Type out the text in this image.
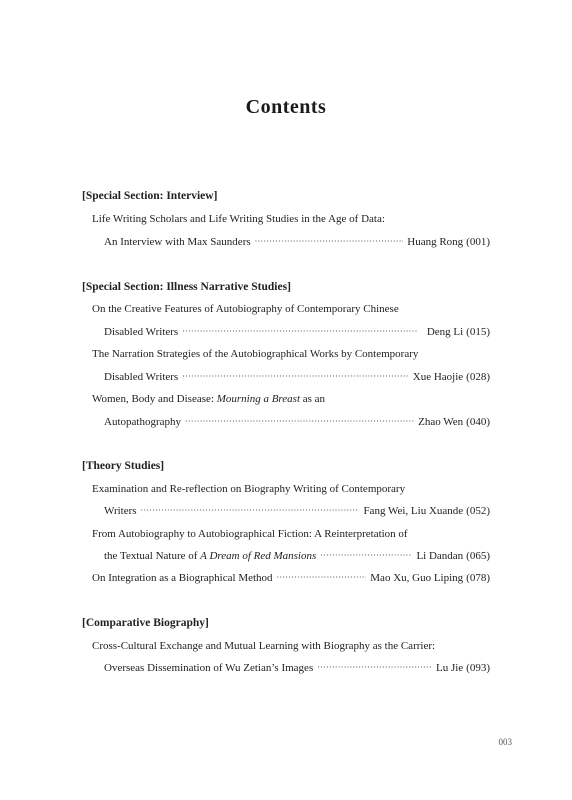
Contents
[Special Section: Interview]
Life Writing Scholars and Life Writing Studies in the Age of Data:
An Interview with Max Saunders ·····	Huang Rong (001)
[Special Section: Illness Narrative Studies]
On the Creative Features of Autobiography of Contemporary Chinese
Disabled Writers ·····	Deng Li (015)
The Narration Strategies of the Autobiographical Works by Contemporary
Disabled Writers ·····	Xue Haojie (028)
Women, Body and Disease: Mourning a Breast as an
Autopathography ·····	Zhao Wen (040)
[Theory Studies]
Examination and Re-reflection on Biography Writing of Contemporary
Writers ·····	Fang Wei, Liu Xuande (052)
From Autobiography to Autobiographical Fiction: A Reinterpretation of
the Textual Nature of A Dream of Red Mansions ·····	Li Dandan (065)
On Integration as a Biographical Method ·····	Mao Xu, Guo Liping (078)
[Comparative Biography]
Cross-Cultural Exchange and Mutual Learning with Biography as the Carrier:
Overseas Dissemination of Wu Zetian’s Images ·····	Lu Jie (093)
003
